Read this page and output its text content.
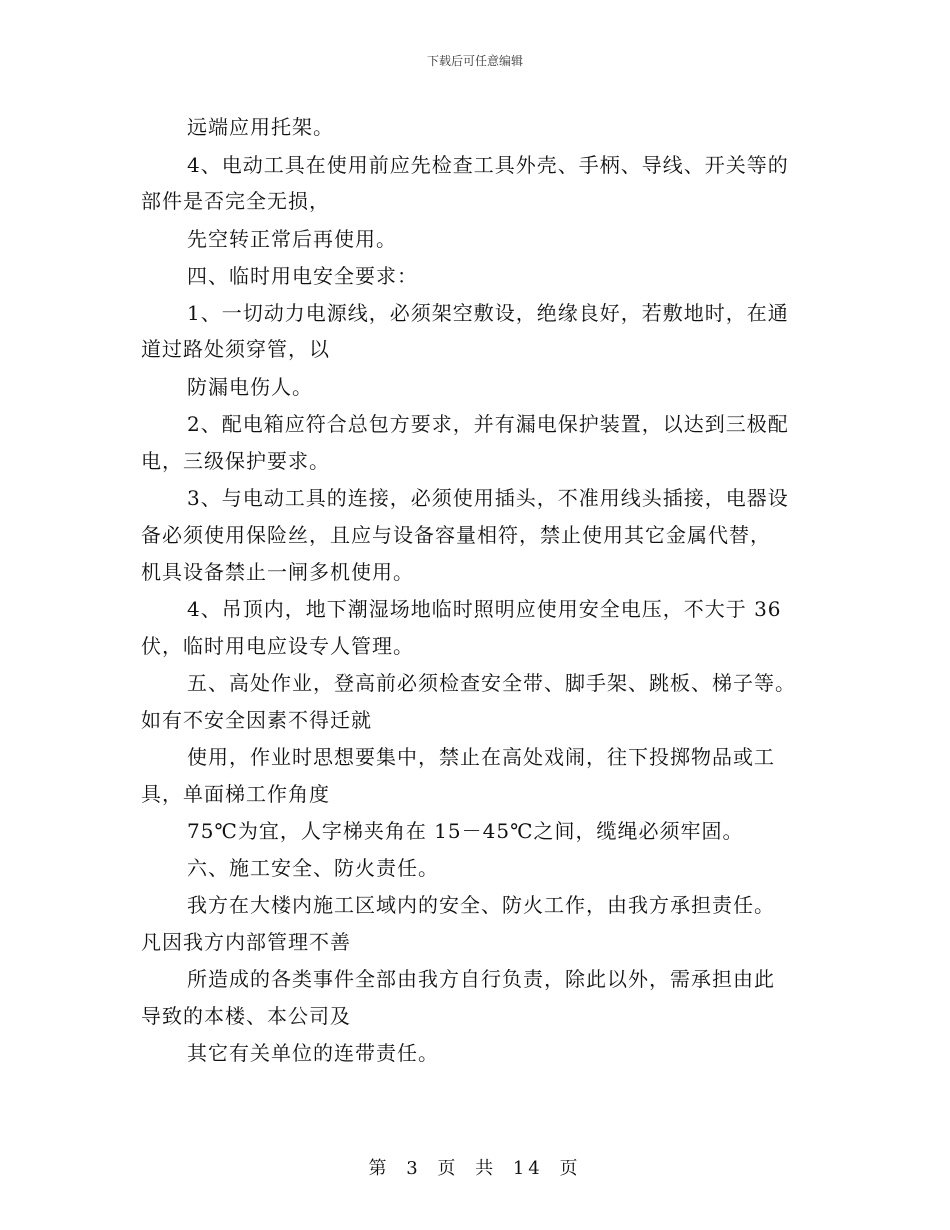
下载后可任意编辑
远端应用托架。
4、电动工具在使用前应先检查工具外壳、手柄、导线、开关等的
部件是否完全无损，
先空转正常后再使用。
四、临时用电安全要求：
1、一切动力电源线，必须架空敷设，绝缘良好，若敷地时，在通
道过路处须穿管，以
防漏电伤人。
2、配电箱应符合总包方要求，并有漏电保护装置，以达到三极配
电，三级保护要求。
3、与电动工具的连接，必须使用插头，不准用线头插接，电器设
备必须使用保险丝，且应与设备容量相符，禁止使用其它金属代替，
机具设备禁止一闸多机使用。
4、吊顶内，地下潮湿场地临时照明应使用安全电压，不大于 36
伏，临时用电应设专人管理。
五、高处作业，登高前必须检查安全带、脚手架、跳板、梯子等。
如有不安全因素不得迁就
使用，作业时思想要集中，禁止在高处戏闹，往下投掷物品或工
具，单面梯工作角度
75℃为宜，人字梯夹角在 15－45℃之间，缆绳必须牢固。
六、施工安全、防火责任。
我方在大楼内施工区域内的安全、防火工作，由我方承担责任。
凡因我方内部管理不善
所造成的各类事件全部由我方自行负责，除此以外，需承担由此
导致的本楼、本公司及
其它有关单位的连带责任。
第 3 页 共 14 页
